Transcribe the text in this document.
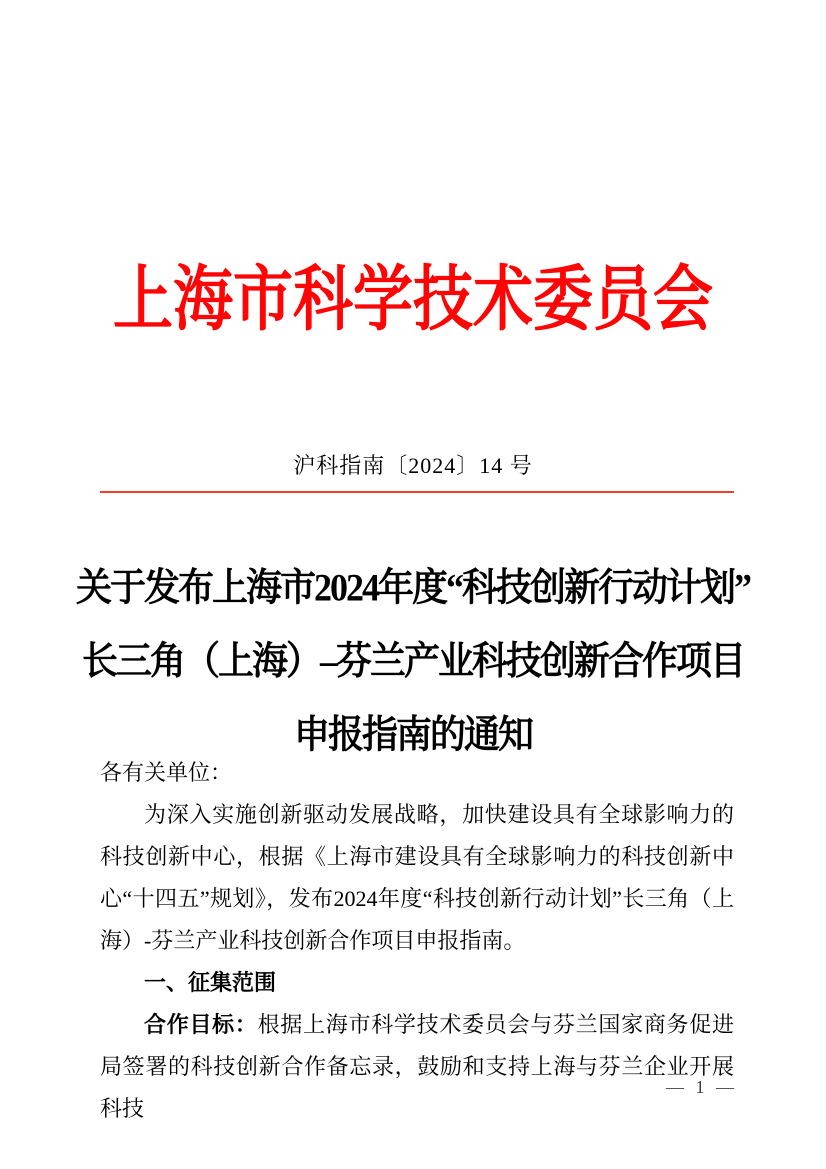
上海市科学技术委员会
沪科指南〔2024〕14 号
关于发布上海市2024年度“科技创新行动计划”
长三角（上海）–芬兰产业科技创新合作项目
申报指南的通知

各有关单位：

为深入实施创新驱动发展战略，加快建设具有全球影响力的科技创新中心，根据《上海市建设具有全球影响力的科技创新中心“十四五”规划》，发布2024年度“科技创新行动计划”长三角（上海）-芬兰产业科技创新合作项目申报指南。

一、征集范围

合作目标：根据上海市科学技术委员会与芬兰国家商务促进局签署的科技创新合作备忘录，鼓励和支持上海与芬兰企业开展科技

— 1 —
